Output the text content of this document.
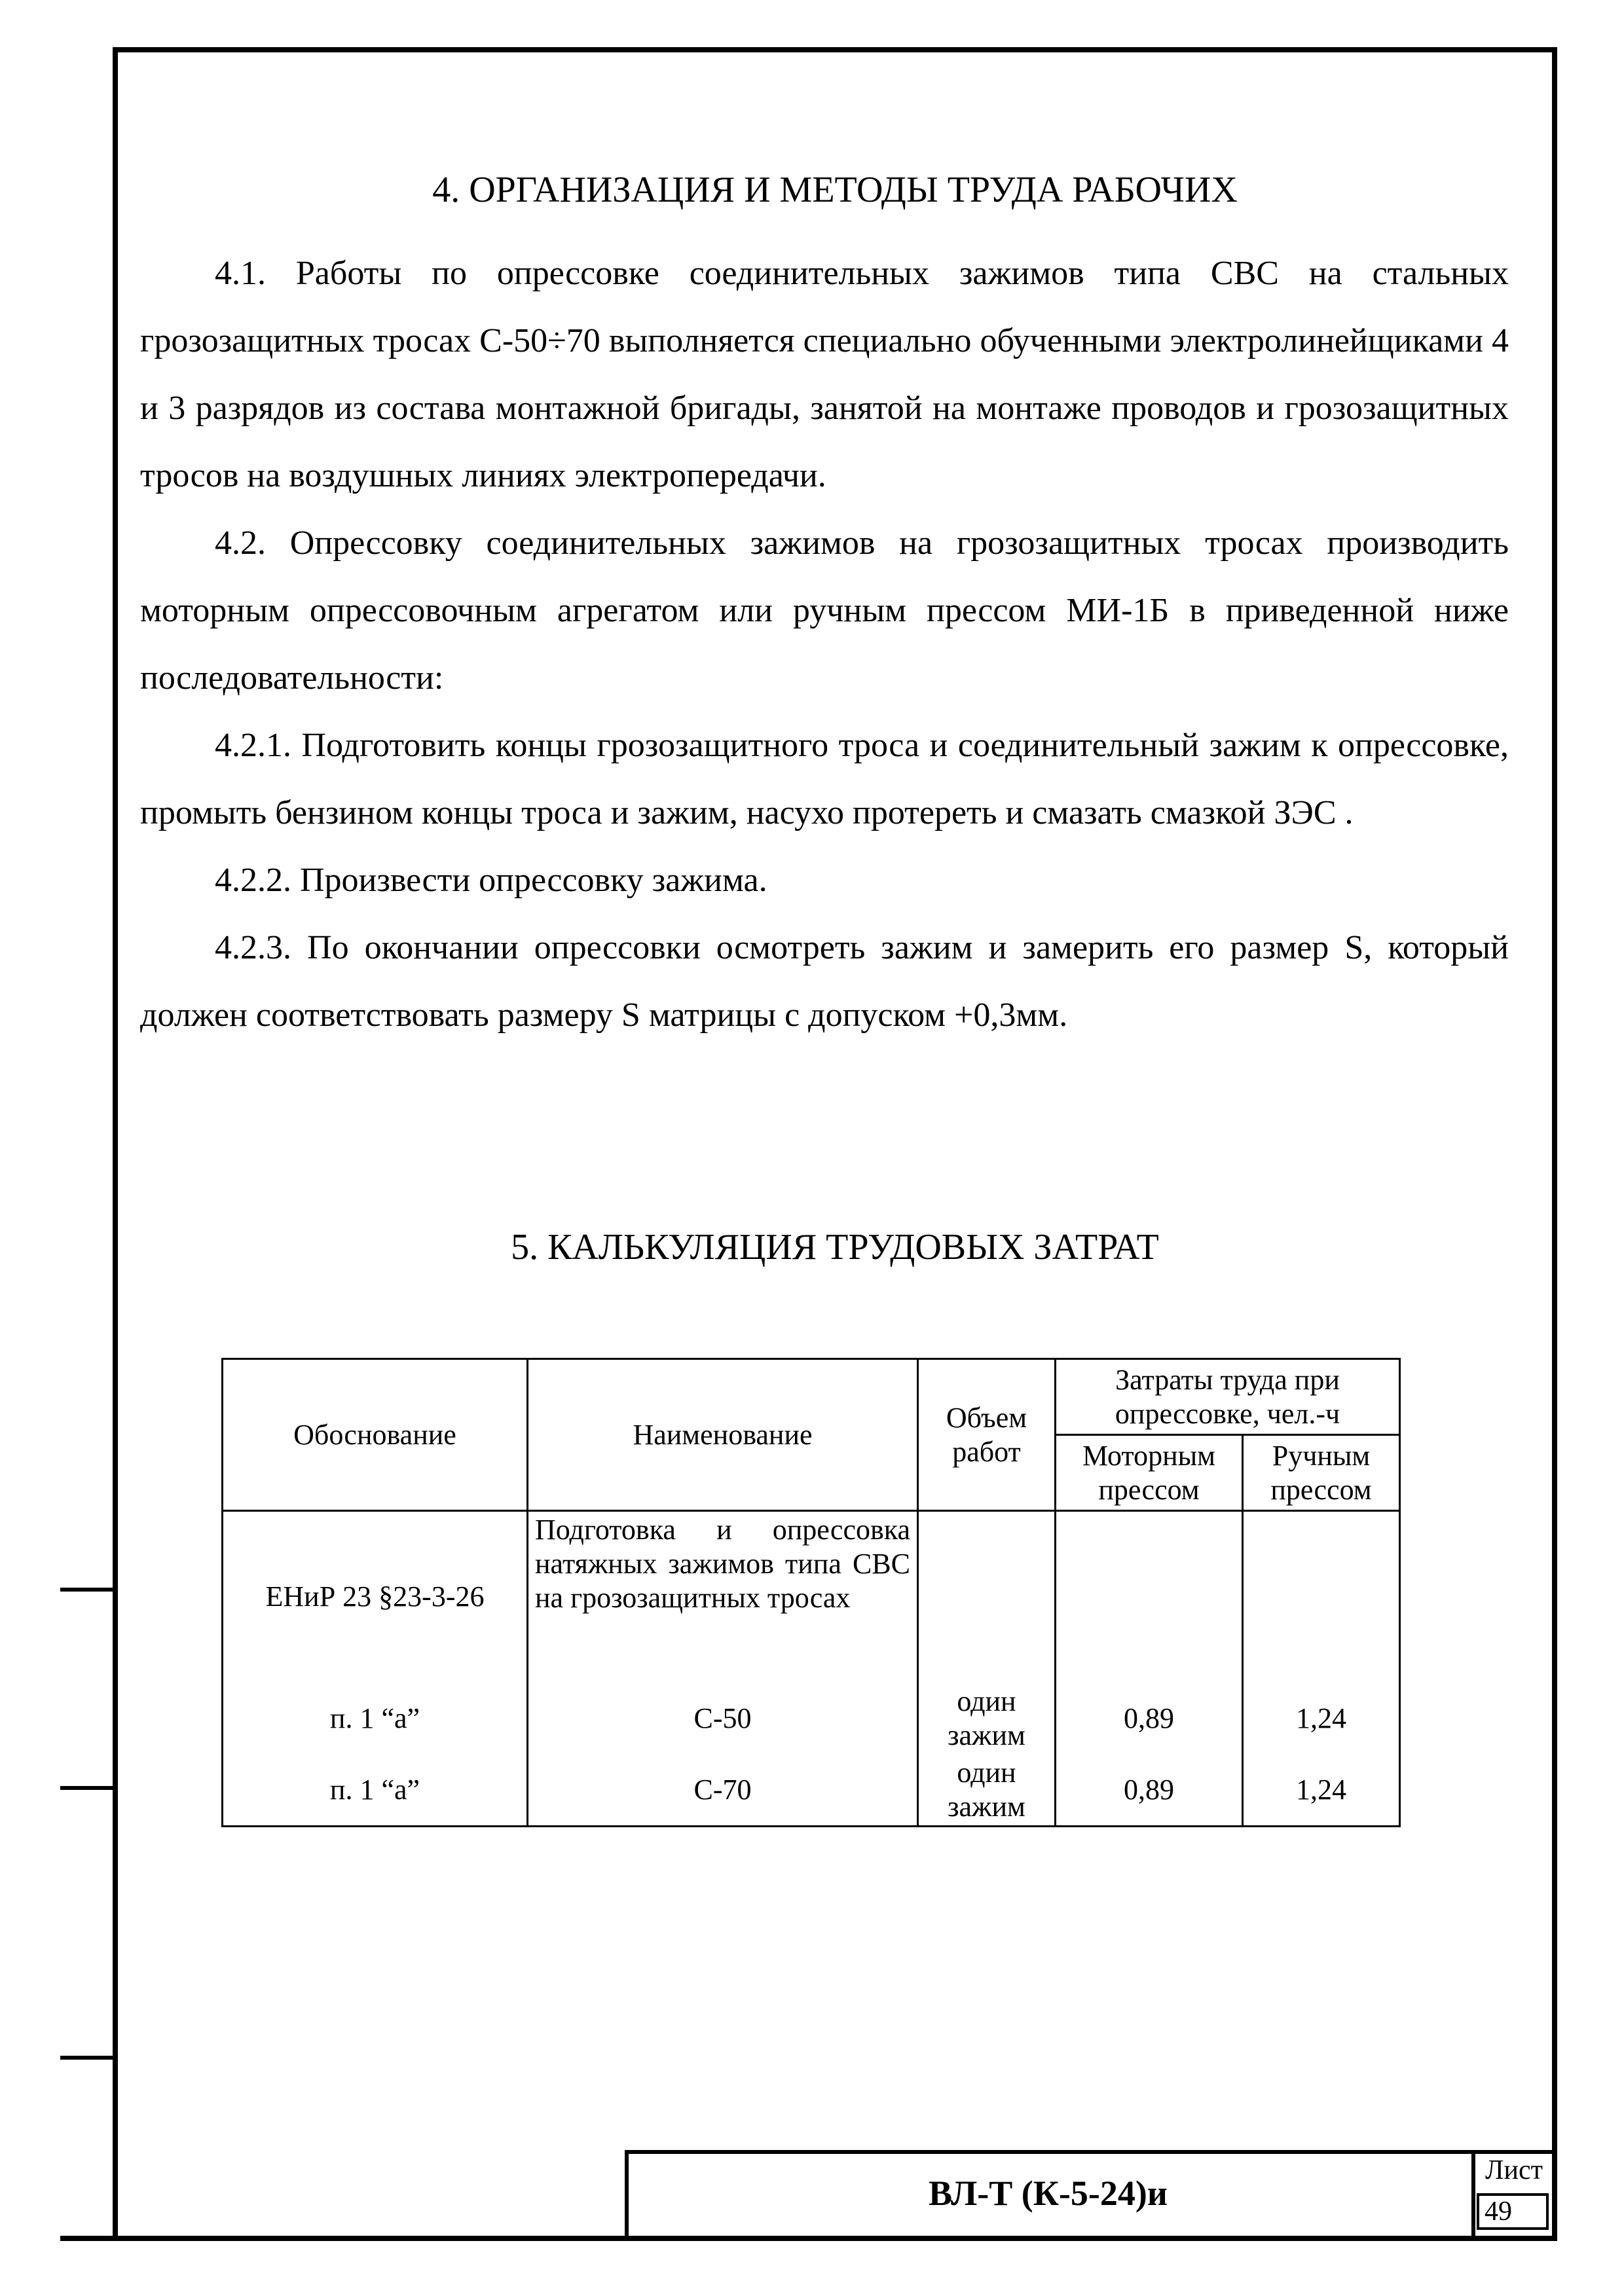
4. ОРГАНИЗАЦИЯ И МЕТОДЫ ТРУДА РАБОЧИХ

4.1. Работы по опрессовке соединительных зажимов типа СВС на стальных грозозащитных тросах С-50÷70 выполняется специально обученными электролинейщиками 4 и 3 разрядов из состава монтажной бригады, занятой на монтаже проводов и грозозащитных тросов на воздушных линиях электропередачи.

4.2. Опрессовку соединительных зажимов на грозозащитных тросах производить моторным опрессовочным агрегатом или ручным прессом МИ-1Б в приведенной ниже последовательности:

4.2.1. Подготовить концы грозозащитного троса и соединительный зажим к опрессовке, промыть бензином концы троса и зажим, насухо протереть и смазать смазкой ЗЭС .

4.2.2. Произвести опрессовку зажима.

4.2.3. По окончании опрессовки осмотреть зажим и замерить его размер S, который должен соответствовать размеру S матрицы с допуском +0,3мм.

5. КАЛЬКУЛЯЦИЯ ТРУДОВЫХ ЗАТРАТ
Обоснование	Наименование	Объем работ	Затраты труда при опрессовке, чел.-ч	
			Моторным прессом	Ручным прессом
ЕНиР 23 §23-3-26	Подготовка и опрессовка натяжных зажимов типа СВС на грозозащитных тросах			
п. 1 “а”	С-50	один зажим	0,89	1,24
п. 1 “а”	С-70	один зажим	0,89	1,24
ВЛ-Т (К-5-24)и
Лист
49
